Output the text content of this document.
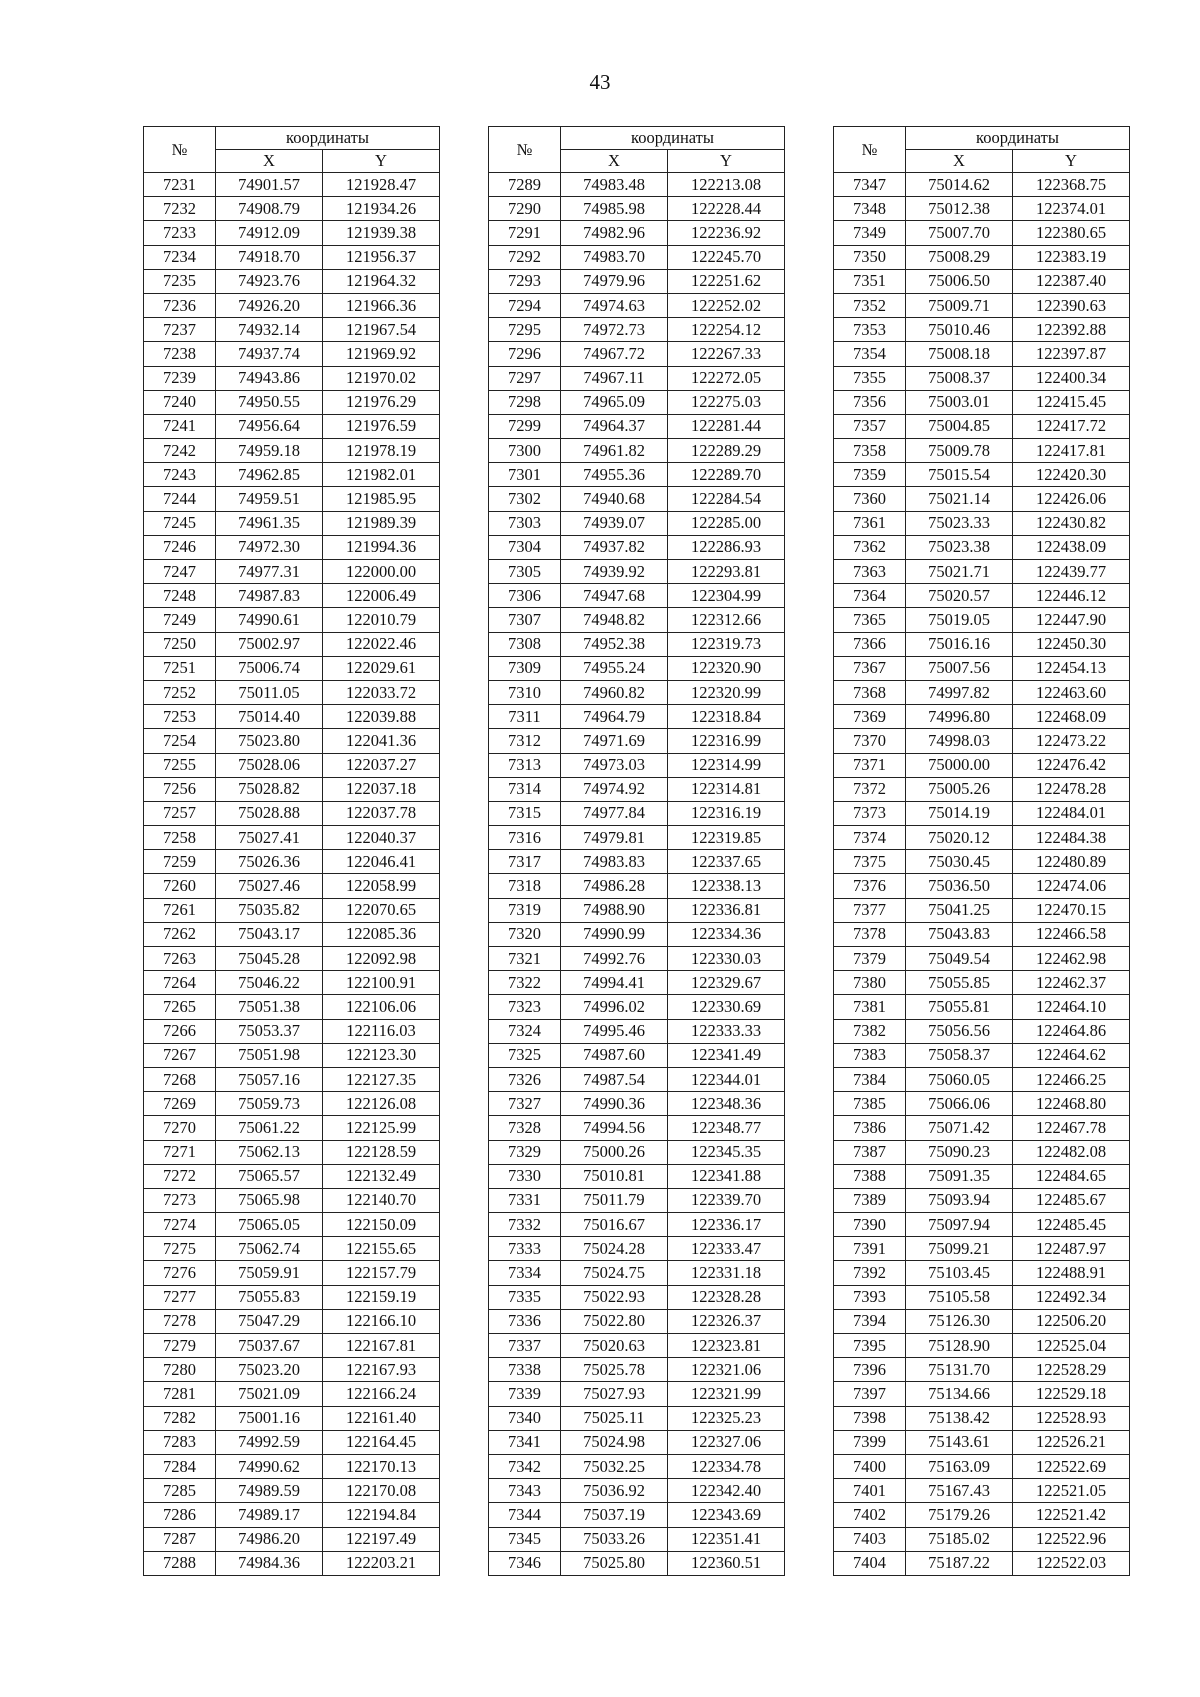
43
№	координаты	
	X	Y
7231	74901.57	121928.47
7232	74908.79	121934.26
7233	74912.09	121939.38
7234	74918.70	121956.37
7235	74923.76	121964.32
7236	74926.20	121966.36
7237	74932.14	121967.54
7238	74937.74	121969.92
7239	74943.86	121970.02
7240	74950.55	121976.29
7241	74956.64	121976.59
7242	74959.18	121978.19
7243	74962.85	121982.01
7244	74959.51	121985.95
7245	74961.35	121989.39
7246	74972.30	121994.36
7247	74977.31	122000.00
7248	74987.83	122006.49
7249	74990.61	122010.79
7250	75002.97	122022.46
7251	75006.74	122029.61
7252	75011.05	122033.72
7253	75014.40	122039.88
7254	75023.80	122041.36
7255	75028.06	122037.27
7256	75028.82	122037.18
7257	75028.88	122037.78
7258	75027.41	122040.37
7259	75026.36	122046.41
7260	75027.46	122058.99
7261	75035.82	122070.65
7262	75043.17	122085.36
7263	75045.28	122092.98
7264	75046.22	122100.91
7265	75051.38	122106.06
7266	75053.37	122116.03
7267	75051.98	122123.30
7268	75057.16	122127.35
7269	75059.73	122126.08
7270	75061.22	122125.99
7271	75062.13	122128.59
7272	75065.57	122132.49
7273	75065.98	122140.70
7274	75065.05	122150.09
7275	75062.74	122155.65
7276	75059.91	122157.79
7277	75055.83	122159.19
7278	75047.29	122166.10
7279	75037.67	122167.81
7280	75023.20	122167.93
7281	75021.09	122166.24
7282	75001.16	122161.40
7283	74992.59	122164.45
7284	74990.62	122170.13
7285	74989.59	122170.08
7286	74989.17	122194.84
7287	74986.20	122197.49
7288	74984.36	122203.21
№	координаты	
	X	Y
7289	74983.48	122213.08
7290	74985.98	122228.44
7291	74982.96	122236.92
7292	74983.70	122245.70
7293	74979.96	122251.62
7294	74974.63	122252.02
7295	74972.73	122254.12
7296	74967.72	122267.33
7297	74967.11	122272.05
7298	74965.09	122275.03
7299	74964.37	122281.44
7300	74961.82	122289.29
7301	74955.36	122289.70
7302	74940.68	122284.54
7303	74939.07	122285.00
7304	74937.82	122286.93
7305	74939.92	122293.81
7306	74947.68	122304.99
7307	74948.82	122312.66
7308	74952.38	122319.73
7309	74955.24	122320.90
7310	74960.82	122320.99
7311	74964.79	122318.84
7312	74971.69	122316.99
7313	74973.03	122314.99
7314	74974.92	122314.81
7315	74977.84	122316.19
7316	74979.81	122319.85
7317	74983.83	122337.65
7318	74986.28	122338.13
7319	74988.90	122336.81
7320	74990.99	122334.36
7321	74992.76	122330.03
7322	74994.41	122329.67
7323	74996.02	122330.69
7324	74995.46	122333.33
7325	74987.60	122341.49
7326	74987.54	122344.01
7327	74990.36	122348.36
7328	74994.56	122348.77
7329	75000.26	122345.35
7330	75010.81	122341.88
7331	75011.79	122339.70
7332	75016.67	122336.17
7333	75024.28	122333.47
7334	75024.75	122331.18
7335	75022.93	122328.28
7336	75022.80	122326.37
7337	75020.63	122323.81
7338	75025.78	122321.06
7339	75027.93	122321.99
7340	75025.11	122325.23
7341	75024.98	122327.06
7342	75032.25	122334.78
7343	75036.92	122342.40
7344	75037.19	122343.69
7345	75033.26	122351.41
7346	75025.80	122360.51
№	координаты	
	X	Y
7347	75014.62	122368.75
7348	75012.38	122374.01
7349	75007.70	122380.65
7350	75008.29	122383.19
7351	75006.50	122387.40
7352	75009.71	122390.63
7353	75010.46	122392.88
7354	75008.18	122397.87
7355	75008.37	122400.34
7356	75003.01	122415.45
7357	75004.85	122417.72
7358	75009.78	122417.81
7359	75015.54	122420.30
7360	75021.14	122426.06
7361	75023.33	122430.82
7362	75023.38	122438.09
7363	75021.71	122439.77
7364	75020.57	122446.12
7365	75019.05	122447.90
7366	75016.16	122450.30
7367	75007.56	122454.13
7368	74997.82	122463.60
7369	74996.80	122468.09
7370	74998.03	122473.22
7371	75000.00	122476.42
7372	75005.26	122478.28
7373	75014.19	122484.01
7374	75020.12	122484.38
7375	75030.45	122480.89
7376	75036.50	122474.06
7377	75041.25	122470.15
7378	75043.83	122466.58
7379	75049.54	122462.98
7380	75055.85	122462.37
7381	75055.81	122464.10
7382	75056.56	122464.86
7383	75058.37	122464.62
7384	75060.05	122466.25
7385	75066.06	122468.80
7386	75071.42	122467.78
7387	75090.23	122482.08
7388	75091.35	122484.65
7389	75093.94	122485.67
7390	75097.94	122485.45
7391	75099.21	122487.97
7392	75103.45	122488.91
7393	75105.58	122492.34
7394	75126.30	122506.20
7395	75128.90	122525.04
7396	75131.70	122528.29
7397	75134.66	122529.18
7398	75138.42	122528.93
7399	75143.61	122526.21
7400	75163.09	122522.69
7401	75167.43	122521.05
7402	75179.26	122521.42
7403	75185.02	122522.96
7404	75187.22	122522.03
